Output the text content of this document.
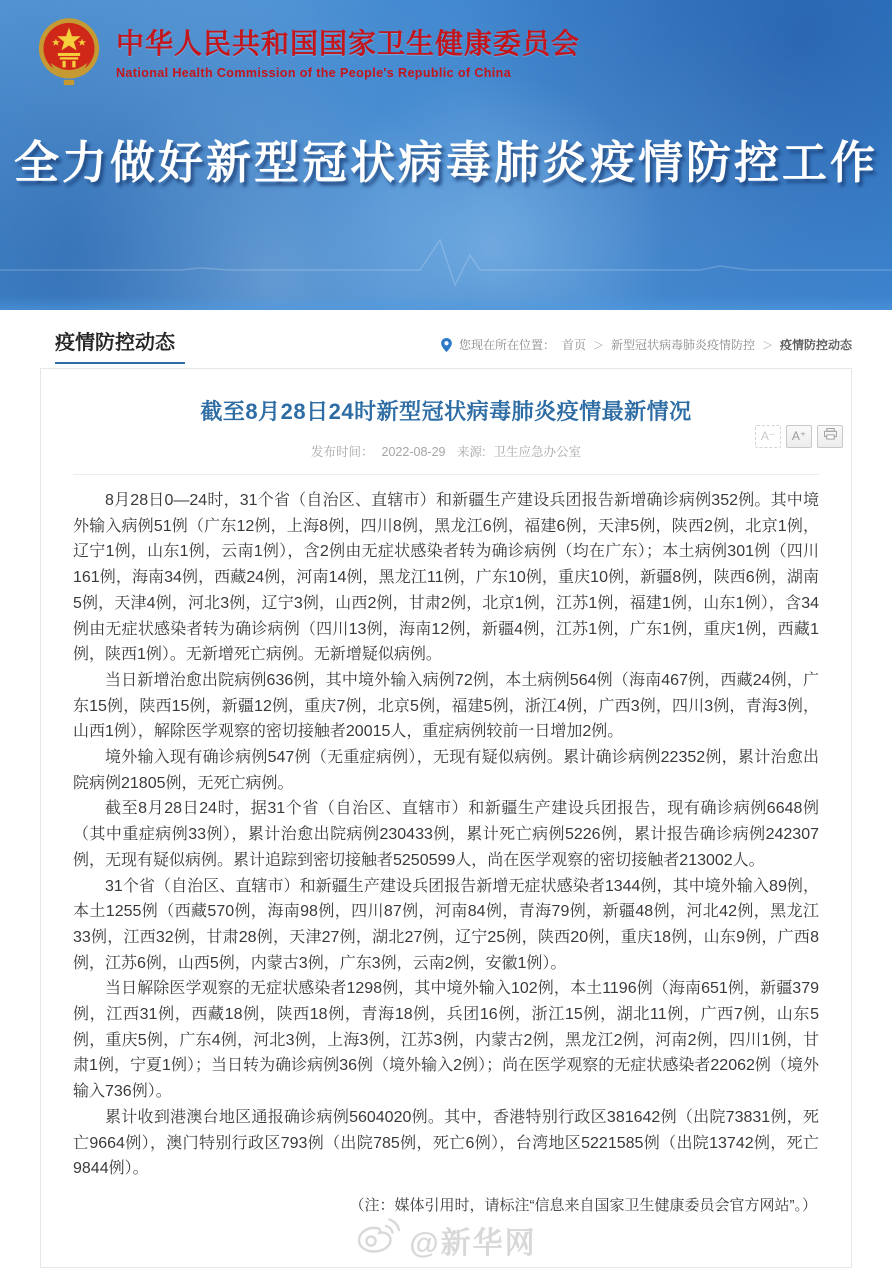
中华人民共和国国家卫生健康委员会
National Health Commission of the People's Republic of China
全力做好新型冠状病毒肺炎疫情防控工作
疫情防控动态	您现在所在位置： 首页 ＞ 新型冠状病毒肺炎疫情防控 ＞ 疫情防控动态
截至8月28日24时新型冠状病毒肺炎疫情最新情况
发布时间： 2022-08-29 来源: 卫生应急办公室
A⁻	A⁺

8月28日0—24时，31个省（自治区、直辖市）和新疆生产建设兵团报告新增确诊病例352例。其中境外输入病例51例（广东12例，上海8例，四川8例，黑龙江6例，福建6例，天津5例，陕西2例，北京1例，辽宁1例，山东1例，云南1例），含2例由无症状感染者转为确诊病例（均在广东）；本土病例301例（四川161例，海南34例，西藏24例，河南14例，黑龙江11例，广东10例，重庆10例，新疆8例，陕西6例，湖南5例，天津4例，河北3例，辽宁3例，山西2例，甘肃2例，北京1例，江苏1例，福建1例，山东1例），含34例由无症状感染者转为确诊病例（四川13例，海南12例，新疆4例，江苏1例，广东1例，重庆1例，西藏1例，陕西1例）。无新增死亡病例。无新增疑似病例。

当日新增治愈出院病例636例，其中境外输入病例72例，本土病例564例（海南467例，西藏24例，广东15例，陕西15例，新疆12例，重庆7例，北京5例，福建5例，浙江4例，广西3例，四川3例，青海3例，山西1例），解除医学观察的密切接触者20015人，重症病例较前一日增加2例。

境外输入现有确诊病例547例（无重症病例），无现有疑似病例。累计确诊病例22352例，累计治愈出院病例21805例，无死亡病例。

截至8月28日24时，据31个省（自治区、直辖市）和新疆生产建设兵团报告，现有确诊病例6648例（其中重症病例33例），累计治愈出院病例230433例，累计死亡病例5226例，累计报告确诊病例242307例，无现有疑似病例。累计追踪到密切接触者5250599人，尚在医学观察的密切接触者213002人。

31个省（自治区、直辖市）和新疆生产建设兵团报告新增无症状感染者1344例，其中境外输入89例，本土1255例（西藏570例，海南98例，四川87例，河南84例，青海79例，新疆48例，河北42例，黑龙江33例，江西32例，甘肃28例，天津27例，湖北27例，辽宁25例，陕西20例，重庆18例，山东9例，广西8例，江苏6例，山西5例，内蒙古3例，广东3例，云南2例，安徽1例）。

当日解除医学观察的无症状感染者1298例，其中境外输入102例，本土1196例（海南651例，新疆379例，江西31例，西藏18例，陕西18例，青海18例，兵团16例，浙江15例，湖北11例，广西7例，山东5例，重庆5例，广东4例，河北3例，上海3例，江苏3例，内蒙古2例，黑龙江2例，河南2例，四川1例，甘肃1例，宁夏1例）；当日转为确诊病例36例（境外输入2例）；尚在医学观察的无症状感染者22062例（境外输入736例）。

累计收到港澳台地区通报确诊病例5604020例。其中，香港特别行政区381642例（出院73831例，死亡9664例），澳门特别行政区793例（出院785例，死亡6例），台湾地区5221585例（出院13742例，死亡9844例）。

（注：媒体引用时，请标注“信息来自国家卫生健康委员会官方网站”。）
@新华网
